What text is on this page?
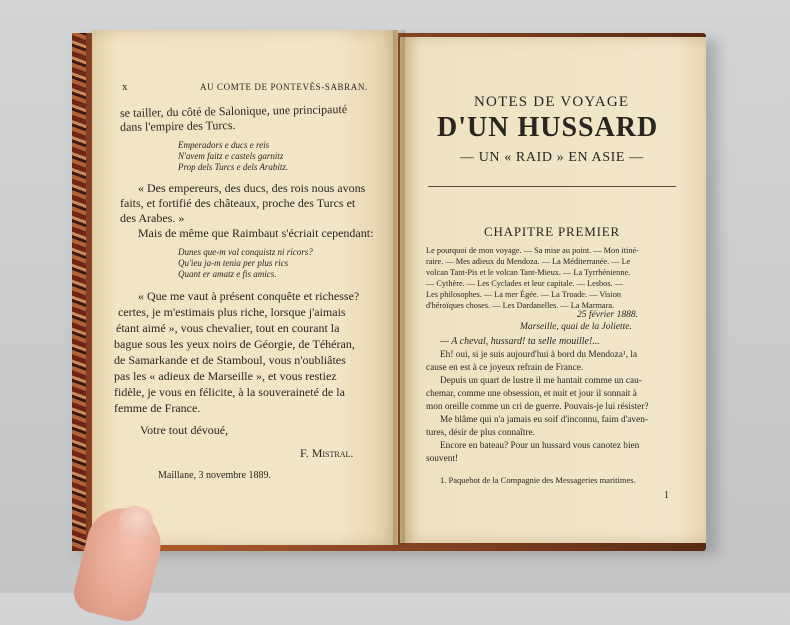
x	AU COMTE DE PONTEVÈS-SABRAN.
se tailler, du côté de Salonique, une principauté
dans l'empire des Turcs.
Emperadors e ducs e reis
N'avem faitz e castels garnitz
Prop dels Turcs e dels Arabitz.
« Des empereurs, des ducs, des rois nous avons
faits, et fortifié des châteaux, proche des Turcs et
des Arabes. »
Mais de même que Raimbaut s'écriait cependant:
Dunes que-m val conquistz ni ricors?
Qu'ieu ja-m tenia per plus rics
Quant er amatz e fis amics.
« Que me vaut à présent conquête et richesse?
certes, je m'estimais plus riche, lorsque j'aimais
étant aimé », vous chevalier, tout en courant la
bague sous les yeux noirs de Géorgie, de Téhéran,
de Samarkande et de Stamboul, vous n'oubliâtes
pas les « adieux de Marseille », et vous restiez
fidèle, je vous en félicite, à la souveraineté de la
femme de France.
Votre tout dévoué,
F. Mistral.
Maillane, 3 novembre 1889.
NOTES DE VOYAGE
D'UN HUSSARD
— UN « RAID » EN ASIE —
CHAPITRE PREMIER
Le pourquoi de mon voyage. — Sa mise au point. — Mon itiné-
raire. — Mes adieux du Mendoza. — La Méditerranée. — Le
volcan Tant-Pis et le volcan Tant-Mieux. — La Tyrrhénienne.
— Cythère. — Les Cyclades et leur capitale. — Lesbos. —
Les philosophes. — La mer Égée. — La Troade. — Vision
d'héroïques choses. — Les Dardanelles. — La Marmara.
25 février 1888.
Marseille, quai de la Joliette.
— A cheval, hussard! ta selle mouille!...
Eh! oui, si je suis aujourd'hui à bord du Mendoza¹, la
cause en est à ce joyeux refrain de France.
Depuis un quart de lustre il me hantait comme un cau-
chemar, comme une obsession, et nuit et jour il sonnait à
mon oreille comme un cri de guerre. Pouvais-je lui résister?
Me blâme qui n'a jamais eu soif d'inconnu, faim d'aven-
tures, désir de plus connaître.
Encore en bateau? Pour un hussard vous canotez bien
souvent!
1. Paquebot de la Compagnie des Messageries maritimes.
1
